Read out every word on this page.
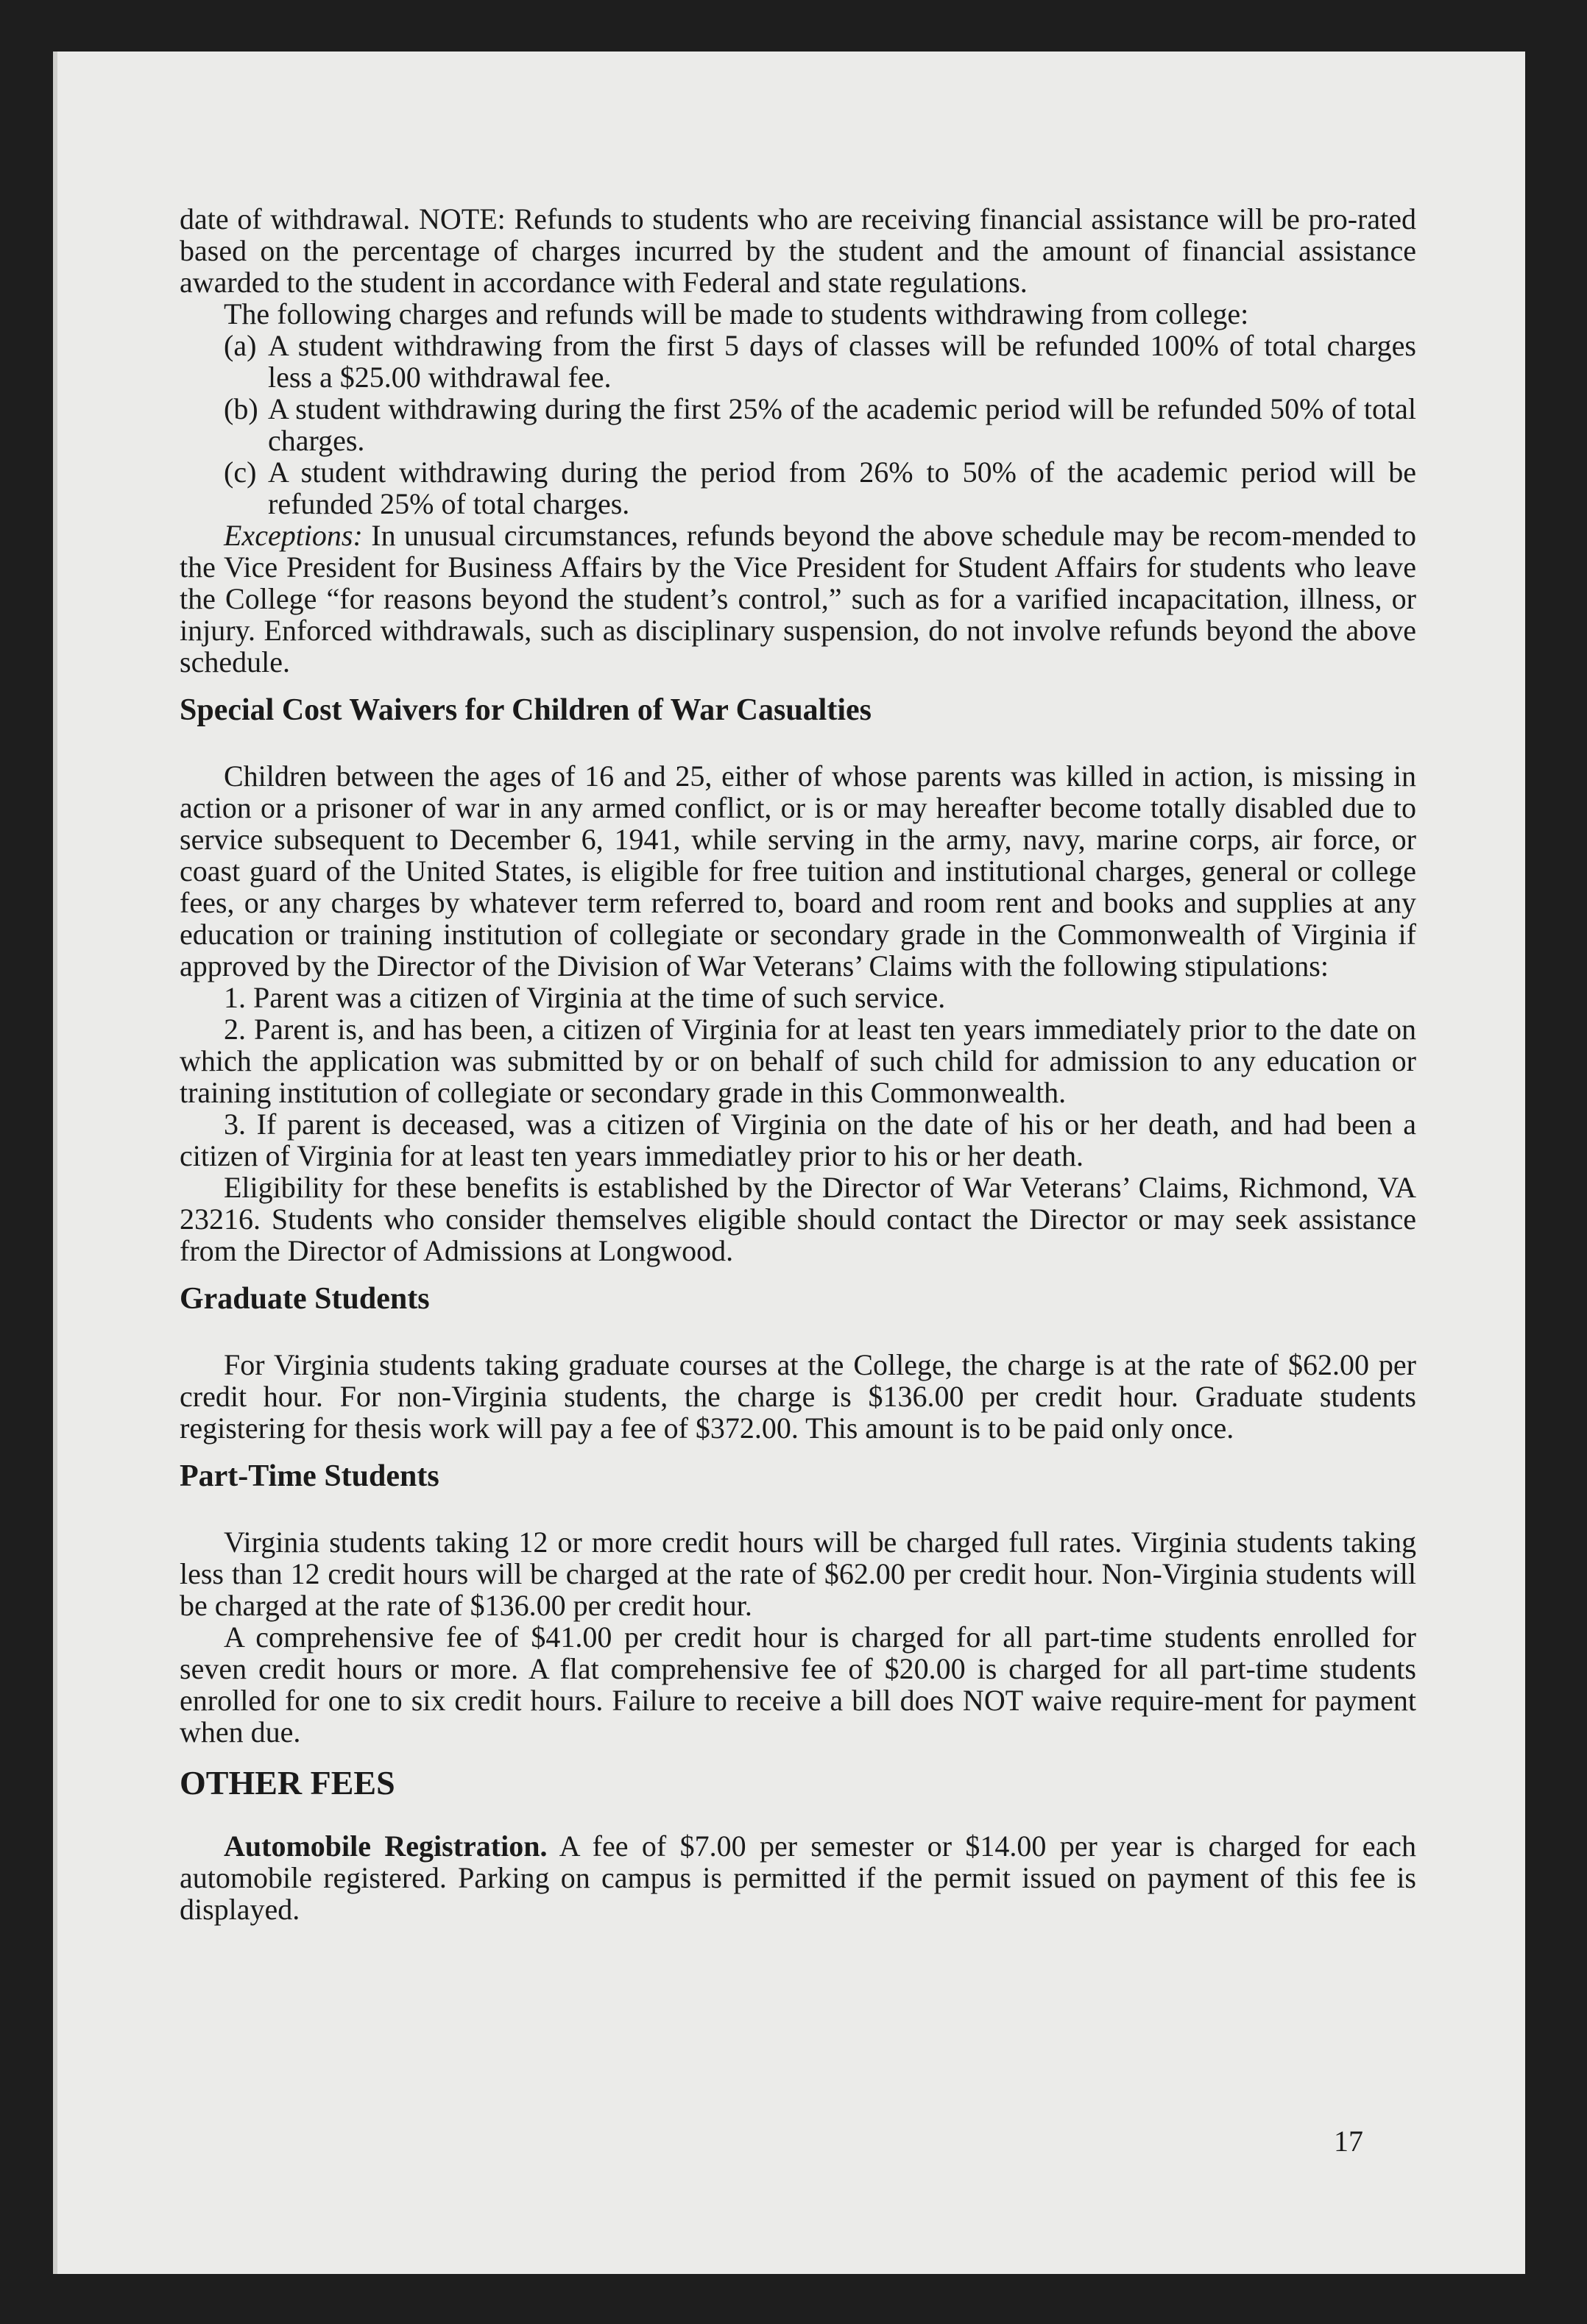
date of withdrawal. NOTE: Refunds to students who are receiving financial assistance will be pro-rated based on the percentage of charges incurred by the student and the amount of financial assistance awarded to the student in accordance with Federal and state regulations.

The following charges and refunds will be made to students withdrawing from college:

(a) A student withdrawing from the first 5 days of classes will be refunded 100% of total charges less a $25.00 withdrawal fee.

(b) A student withdrawing during the first 25% of the academic period will be refunded 50% of total charges.

(c) A student withdrawing during the period from 26% to 50% of the academic period will be refunded 25% of total charges.

Exceptions: In unusual circumstances, refunds beyond the above schedule may be recom-mended to the Vice President for Business Affairs by the Vice President for Student Affairs for students who leave the College “for reasons beyond the student’s control,” such as for a varified incapacitation, illness, or injury. Enforced withdrawals, such as disciplinary suspension, do not involve refunds beyond the above schedule.

Special Cost Waivers for Children of War Casualties

Children between the ages of 16 and 25, either of whose parents was killed in action, is missing in action or a prisoner of war in any armed conflict, or is or may hereafter become totally disabled due to service subsequent to December 6, 1941, while serving in the army, navy, marine corps, air force, or coast guard of the United States, is eligible for free tuition and institutional charges, general or college fees, or any charges by whatever term referred to, board and room rent and books and supplies at any education or training institution of collegiate or secondary grade in the Commonwealth of Virginia if approved by the Director of the Division of War Veterans’ Claims with the following stipulations:

1. Parent was a citizen of Virginia at the time of such service.

2. Parent is, and has been, a citizen of Virginia for at least ten years immediately prior to the date on which the application was submitted by or on behalf of such child for admission to any education or training institution of collegiate or secondary grade in this Commonwealth.

3. If parent is deceased, was a citizen of Virginia on the date of his or her death, and had been a citizen of Virginia for at least ten years immediatley prior to his or her death.

Eligibility for these benefits is established by the Director of War Veterans’ Claims, Richmond, VA 23216. Students who consider themselves eligible should contact the Director or may seek assistance from the Director of Admissions at Longwood.

Graduate Students

For Virginia students taking graduate courses at the College, the charge is at the rate of $62.00 per credit hour. For non-Virginia students, the charge is $136.00 per credit hour. Graduate students registering for thesis work will pay a fee of $372.00. This amount is to be paid only once.

Part-Time Students

Virginia students taking 12 or more credit hours will be charged full rates. Virginia students taking less than 12 credit hours will be charged at the rate of $62.00 per credit hour. Non-Virginia students will be charged at the rate of $136.00 per credit hour.

A comprehensive fee of $41.00 per credit hour is charged for all part-time students enrolled for seven credit hours or more. A flat comprehensive fee of $20.00 is charged for all part-time students enrolled for one to six credit hours. Failure to receive a bill does NOT waive require-ment for payment when due.

OTHER FEES

Automobile Registration. A fee of $7.00 per semester or $14.00 per year is charged for each automobile registered. Parking on campus is permitted if the permit issued on payment of this fee is displayed.

17
